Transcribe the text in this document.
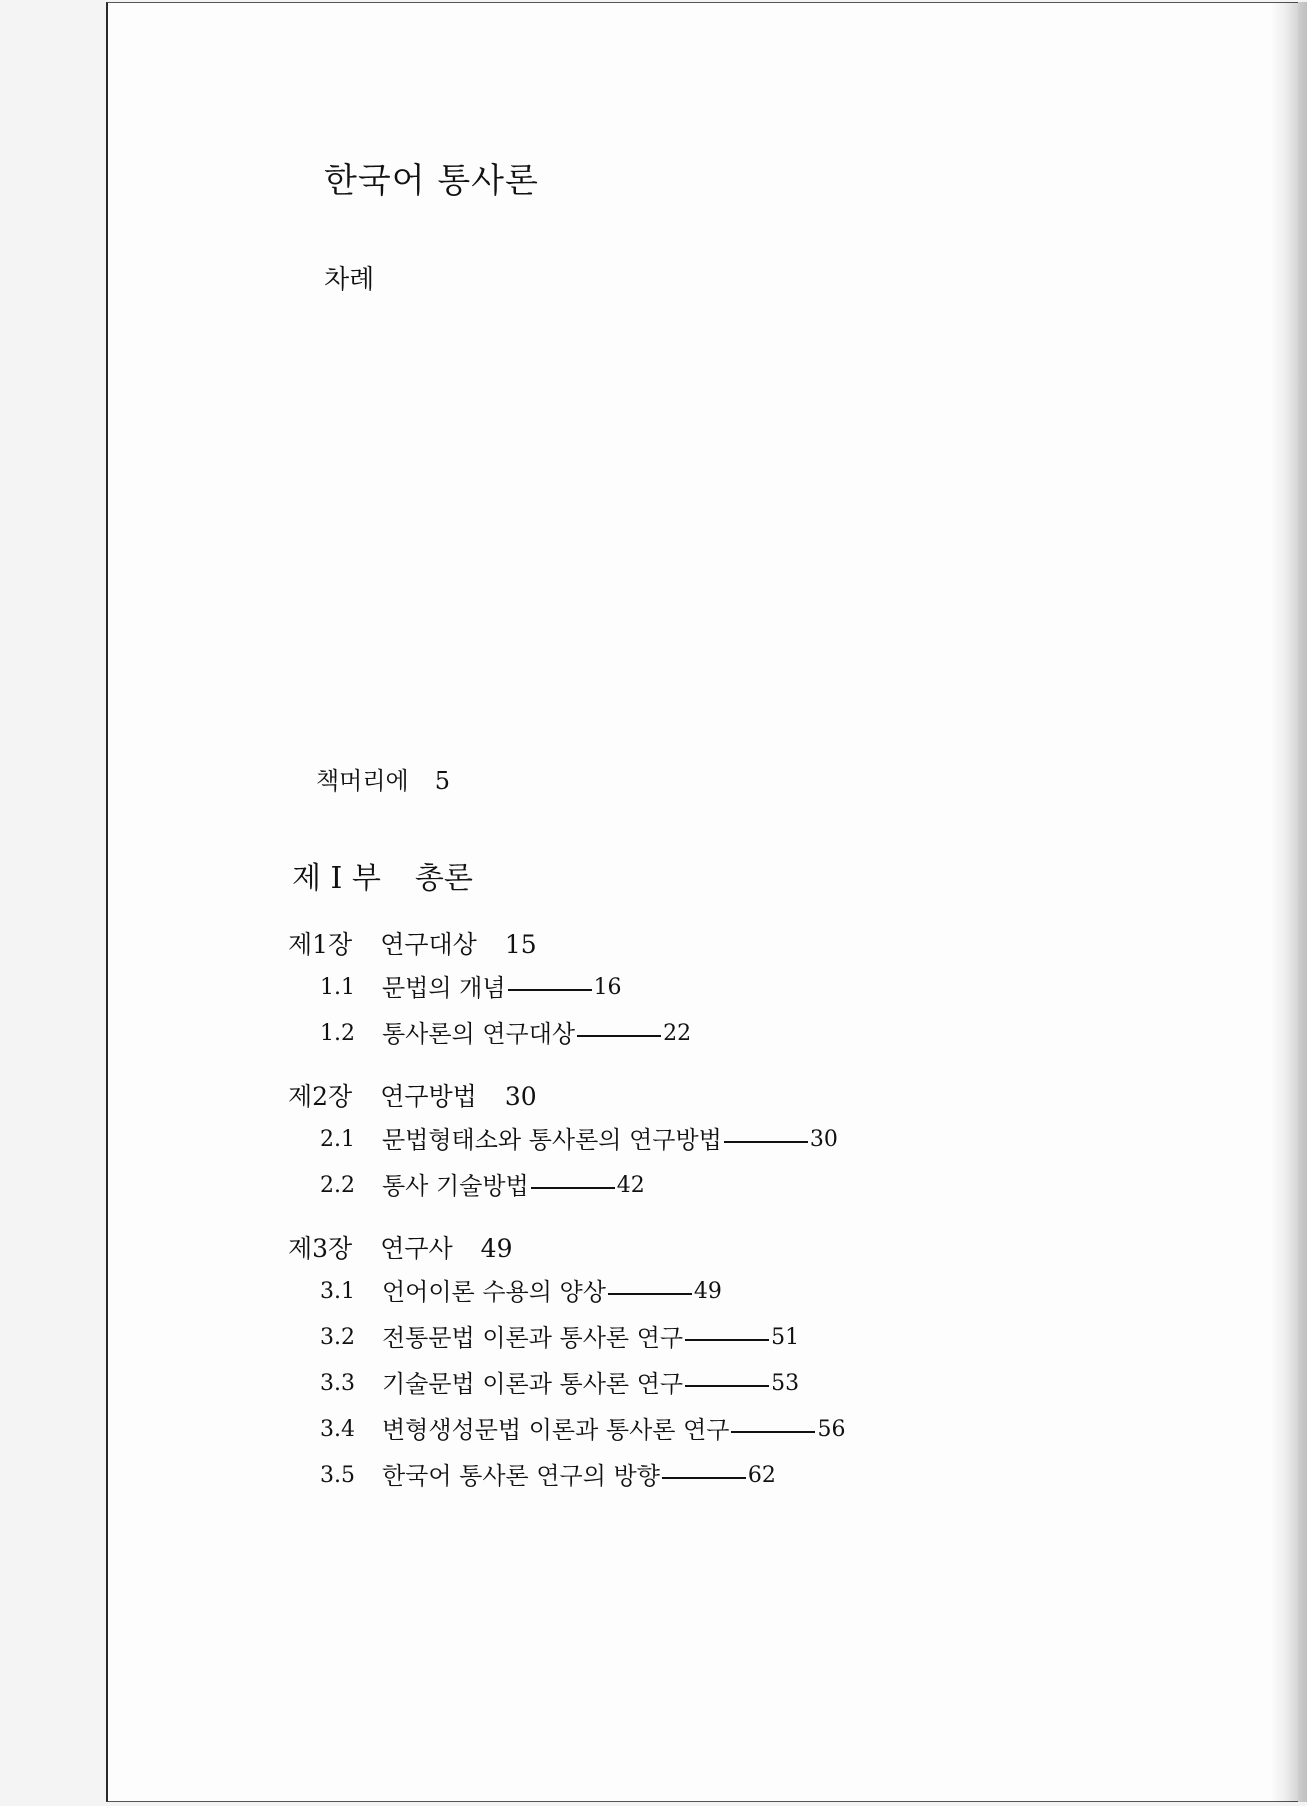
한국어 통사론
차례
책머리에 5
제 I 부 총론
제1장 연구대상 15
1.1	문법의 개념	16
1.2	통사론의 연구대상	22
제2장 연구방법 30
2.1	문법형태소와 통사론의 연구방법	30
2.2	통사 기술방법	42
제3장 연구사 49
3.1	언어이론 수용의 양상	49
3.2	전통문법 이론과 통사론 연구	51
3.3	기술문법 이론과 통사론 연구	53
3.4	변형생성문법 이론과 통사론 연구	56
3.5	한국어 통사론 연구의 방향	62
